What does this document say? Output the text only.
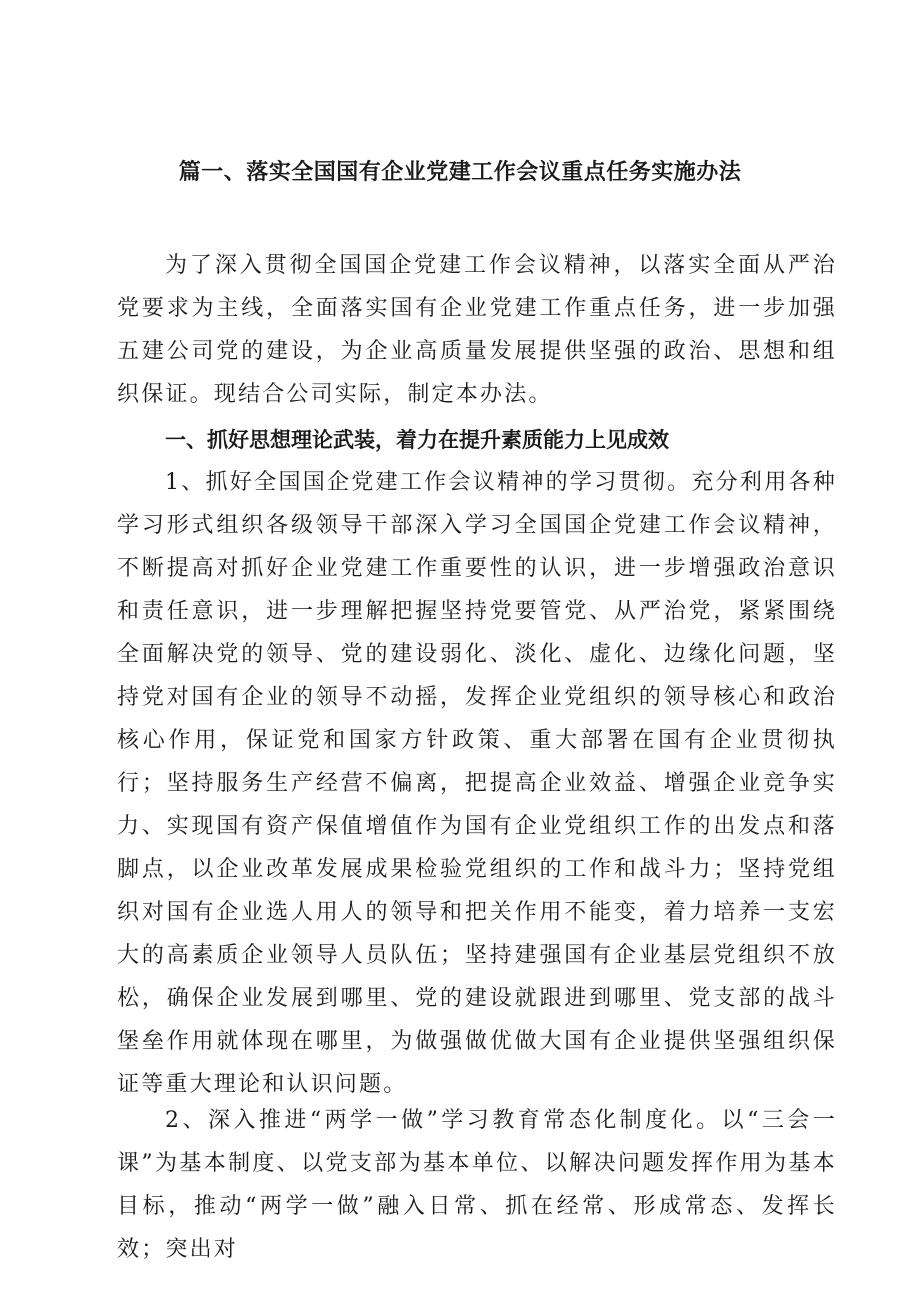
篇一、落实全国国有企业党建工作会议重点任务实施办法

为了深入贯彻全国国企党建工作会议精神，以落实全面从严治党要求为主线，全面落实国有企业党建工作重点任务，进一步加强五建公司党的建设，为企业高质量发展提供坚强的政治、思想和组织保证。现结合公司实际，制定本办法。

一、抓好思想理论武装，着力在提升素质能力上见成效

1、抓好全国国企党建工作会议精神的学习贯彻。充分利用各种学习形式组织各级领导干部深入学习全国国企党建工作会议精神，不断提高对抓好企业党建工作重要性的认识，进一步增强政治意识和责任意识，进一步理解把握坚持党要管党、从严治党，紧紧围绕全面解决党的领导、党的建设弱化、淡化、虚化、边缘化问题，坚持党对国有企业的领导不动摇，发挥企业党组织的领导核心和政治核心作用，保证党和国家方针政策、重大部署在国有企业贯彻执行；坚持服务生产经营不偏离，把提高企业效益、增强企业竞争实力、实现国有资产保值增值作为国有企业党组织工作的出发点和落脚点，以企业改革发展成果检验党组织的工作和战斗力；坚持党组织对国有企业选人用人的领导和把关作用不能变，着力培养一支宏大的高素质企业领导人员队伍；坚持建强国有企业基层党组织不放松，确保企业发展到哪里、党的建设就跟进到哪里、党支部的战斗堡垒作用就体现在哪里，为做强做优做大国有企业提供坚强组织保证等重大理论和认识问题。

2、深入推进“两学一做”学习教育常态化制度化。以“三会一课”为基本制度、以党支部为基本单位、以解决问题发挥作用为基本目标，推动“两学一做”融入日常、抓在经常、形成常态、发挥长效；突出对
